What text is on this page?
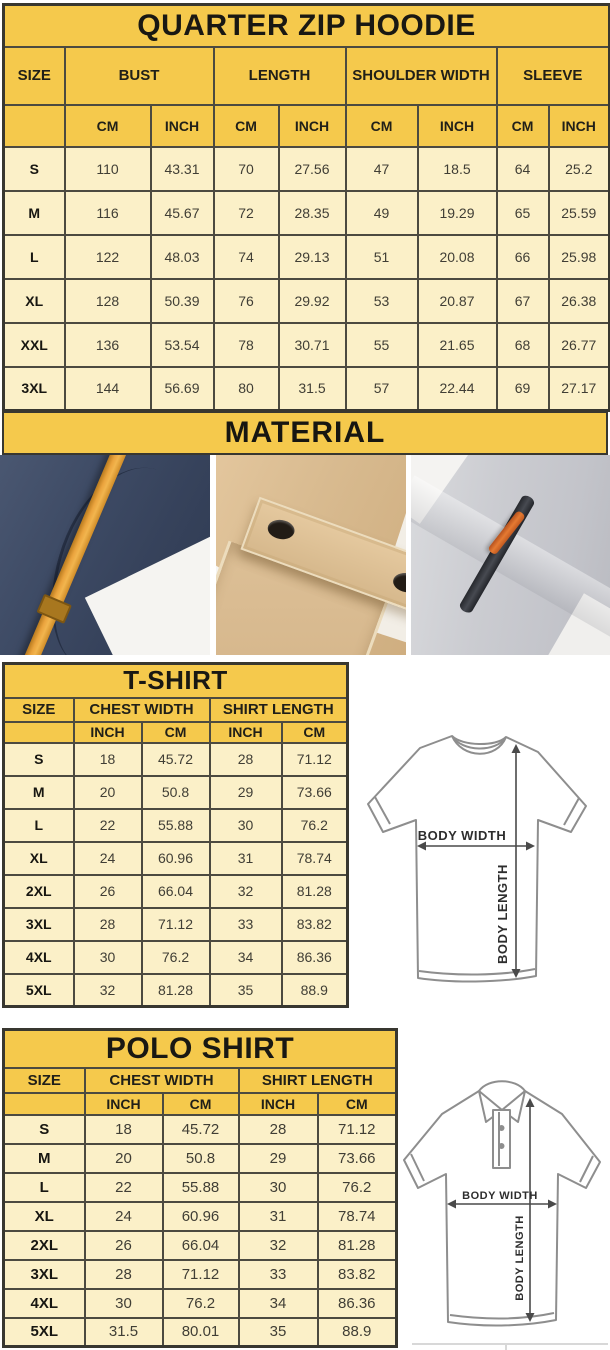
QUARTER ZIP HOODIE								
SIZE	BUST		LENGTH		SHOULDER WIDTH		SLEEVE	
	CM	INCH	CM	INCH	CM	INCH	CM	INCH
S	110	43.31	70	27.56	47	18.5	64	25.2
M	116	45.67	72	28.35	49	19.29	65	25.59
L	122	48.03	74	29.13	51	20.08	66	25.98
XL	128	50.39	76	29.92	53	20.87	67	26.38
XXL	136	53.54	78	30.71	55	21.65	68	26.77
3XL	144	56.69	80	31.5	57	22.44	69	27.17
MATERIAL
T-SHIRT				
SIZE	CHEST WIDTH		SHIRT LENGTH	
	INCH	CM	INCH	CM
S	18	45.72	28	71.12
M	20	50.8	29	73.66
L	22	55.88	30	76.2
XL	24	60.96	31	78.74
2XL	26	66.04	32	81.28
3XL	28	71.12	33	83.82
4XL	30	76.2	34	86.36
5XL	32	81.28	35	88.9
BODY WIDTH
BODY LENGTH
POLO SHIRT				
SIZE	CHEST WIDTH		SHIRT LENGTH	
	INCH	CM	INCH	CM
S	18	45.72	28	71.12
M	20	50.8	29	73.66
L	22	55.88	30	76.2
XL	24	60.96	31	78.74
2XL	26	66.04	32	81.28
3XL	28	71.12	33	83.82
4XL	30	76.2	34	86.36
5XL	31.5	80.01	35	88.9
BODY WIDTH
BODY LENGTH
